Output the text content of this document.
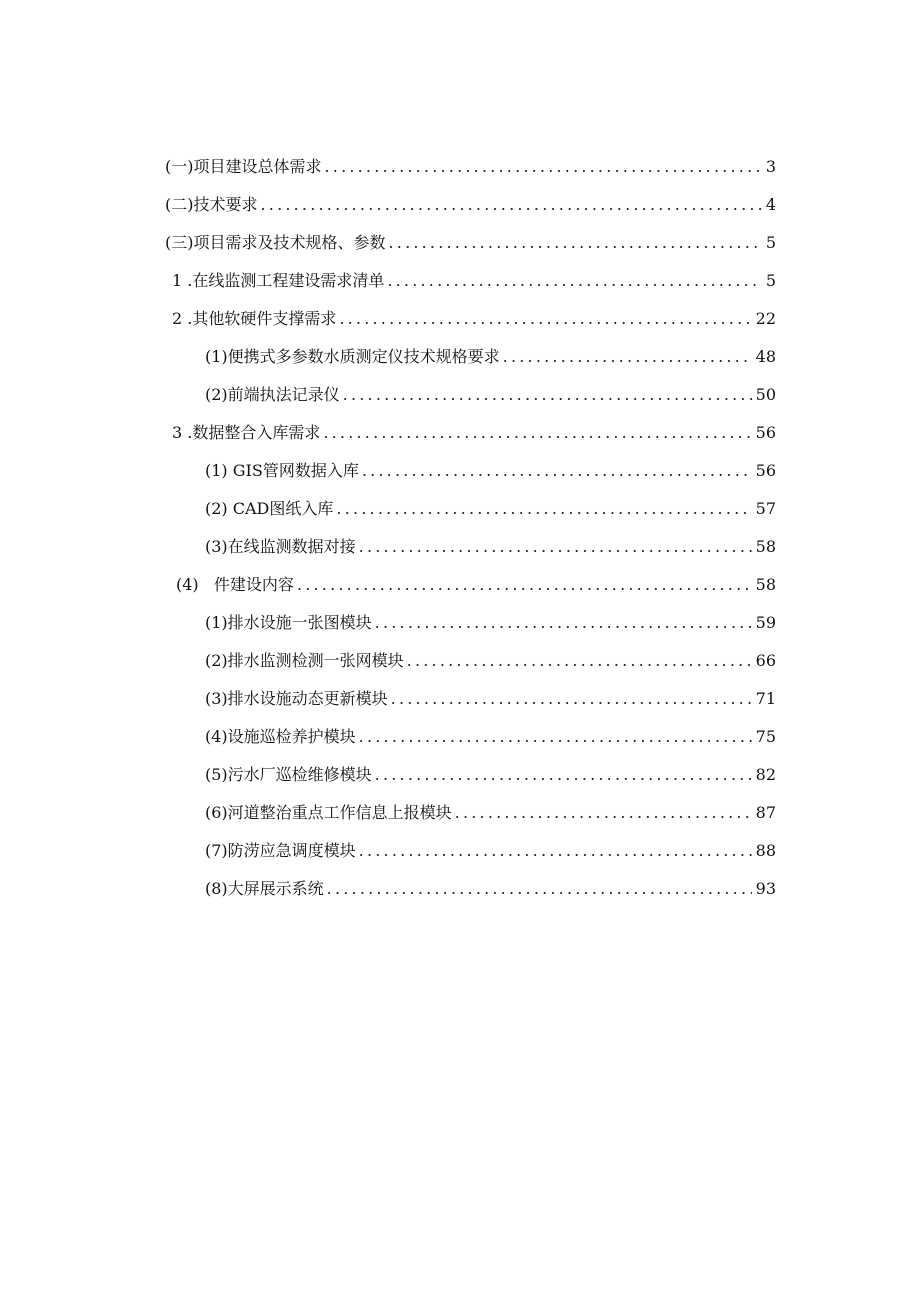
(一)项目建设总体需求 .....	3
(二)技术要求 .....	4
(三)项目需求及技术规格、参数 .....	5
1 .在线监测工程建设需求清单 .....	5
2 .其他软硬件支撑需求 .....	22
(1)便携式多参数水质测定仪技术规格要求 .....	48
(2)前端执法记录仪 .....	50
3 .数据整合入库需求 .....	56
(1) GIS管网数据入库 .....	56
(2) CAD图纸入库 .....	57
(3)在线监测数据对接 .....	58
(4)   件建设内容 .....	58
(1)排水设施一张图模块 .....	59
(2)排水监测检测一张网模块 .....	66
(3)排水设施动态更新模块 .....	71
(4)设施巡检养护模块 .....	75
(5)污水厂巡检维修模块 .....	82
(6)河道整治重点工作信息上报模块 .....	87
(7)防涝应急调度模块 .....	88
(8)大屏展示系统 .....	93
